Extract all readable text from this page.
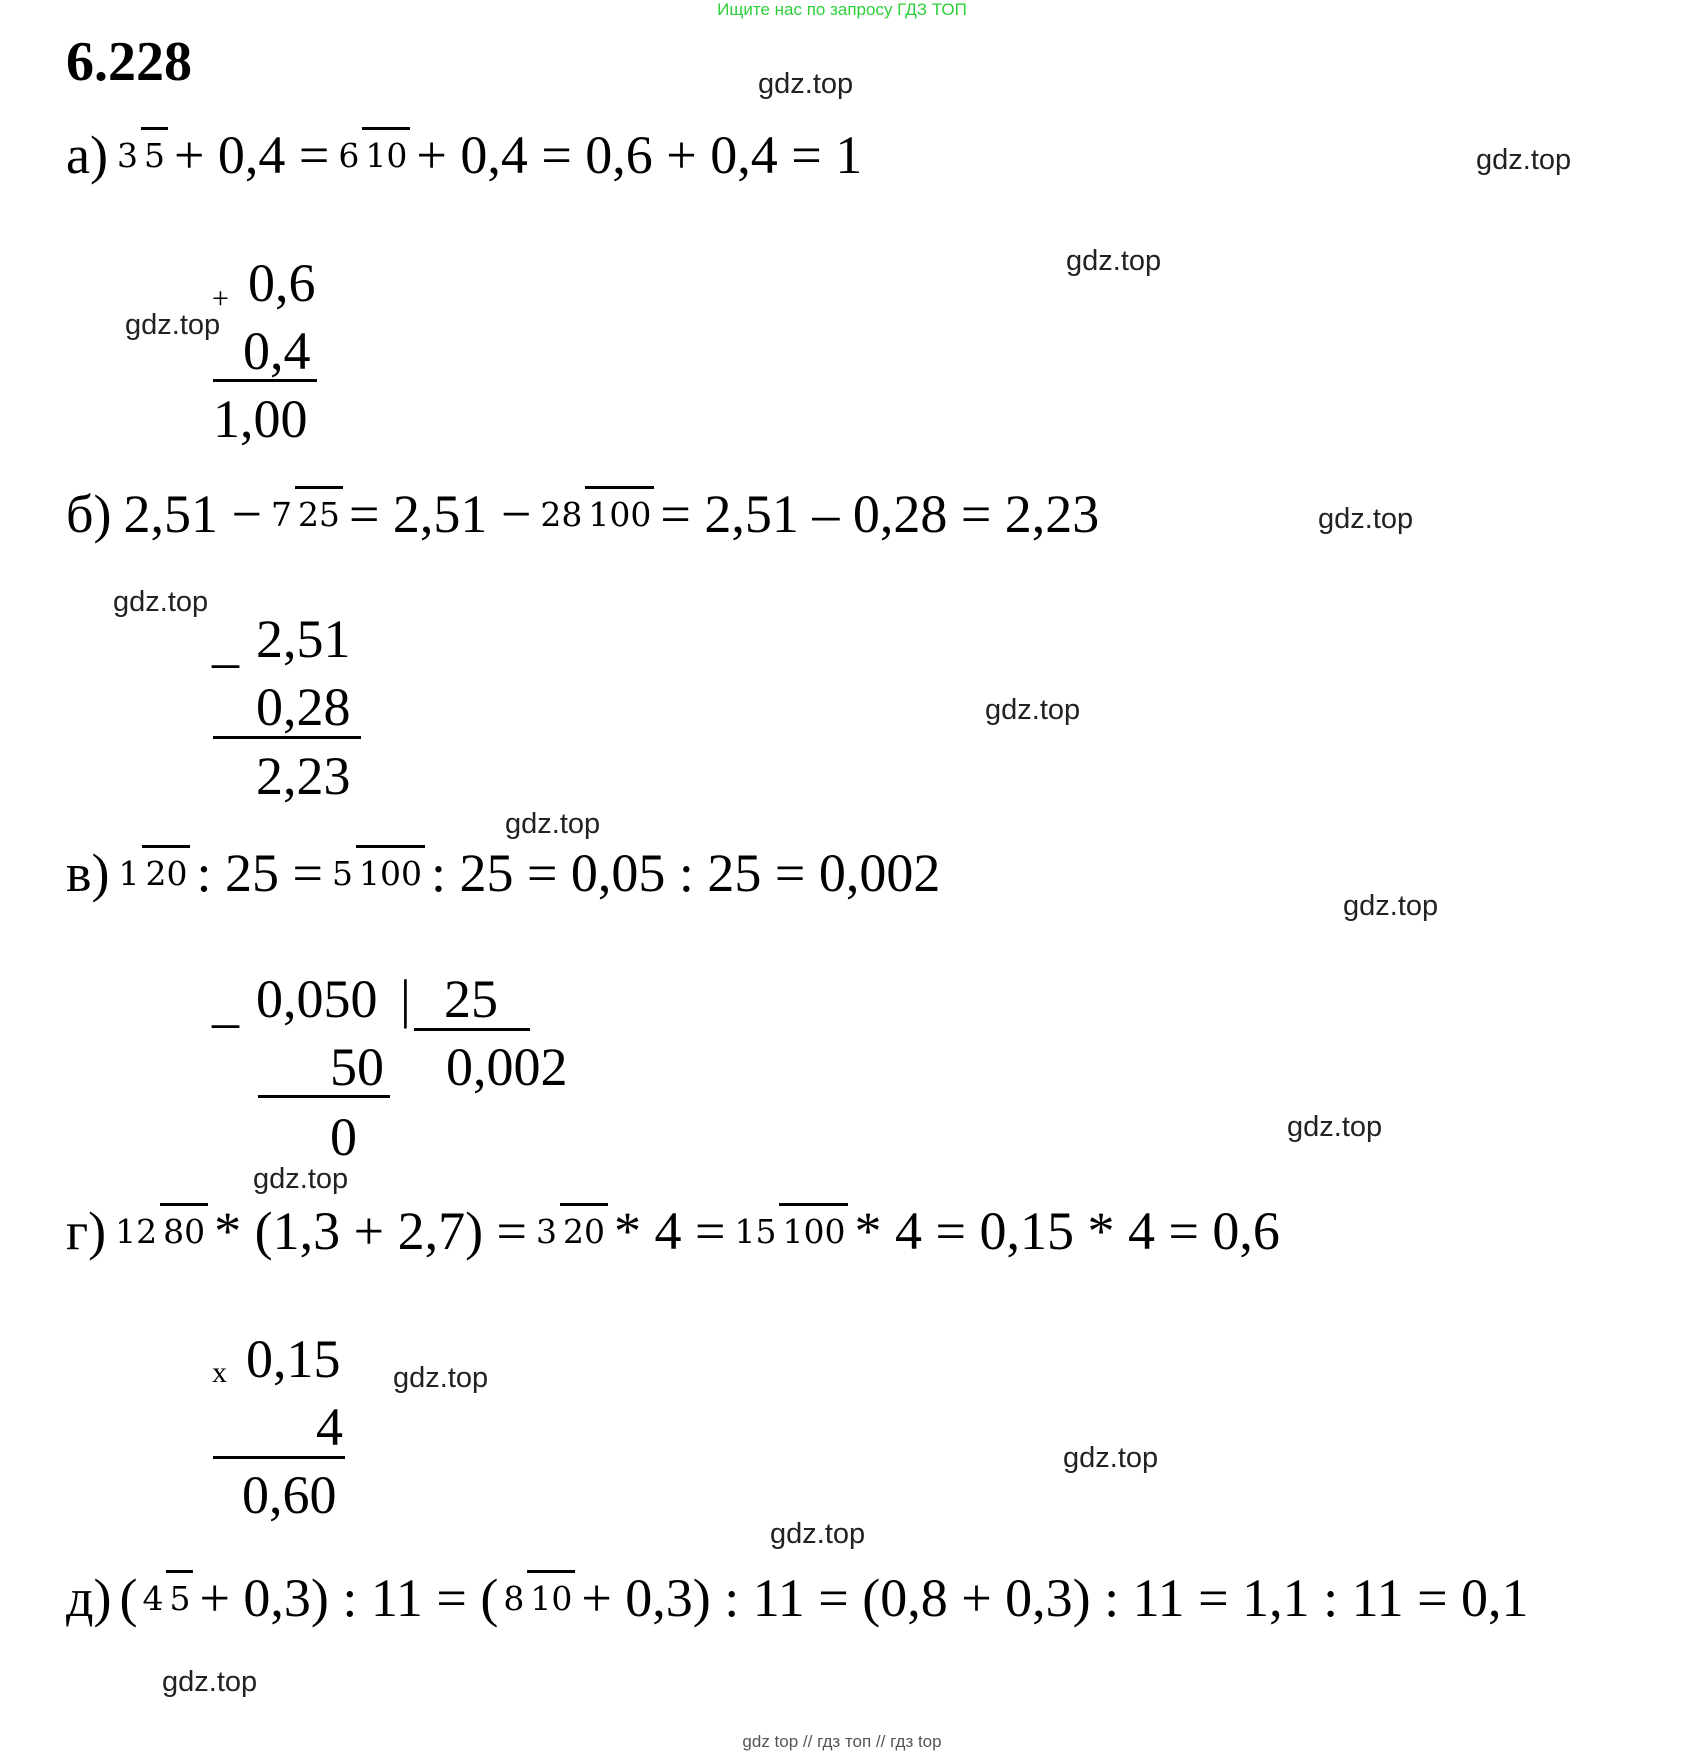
Ищите нас по запросу ГДЗ ТОП
gdz top // гдз топ // гдз top
6.228	gdz.top
gdz.top
gdz.top
gdz.top
gdz.top
gdz.top
gdz.top
gdz.top
gdz.top
gdz.top
gdz.top
gdz.top
gdz.top
gdz.top
gdz.top
а) 3 5 + 0,4 = 6 10 + 0,4 = 0,6 + 0,4 = 1
+ 0,6
0,4
1,00
б) 2,51 − 7 25 = 2,51 − 28 100 = 2,51 – 0,28 = 2,23
_ 2,51
0,28
2,23
в) 1 20 : 25 = 5 100 : 25 = 0,05 : 25 = 0,002
_ 0,050 | 25
50 0,002
0
г) 12 80 * (1,3 + 2,7) = 3 20 * 4 = 15 100 * 4 = 0,15 * 4 = 0,6
x 0,15
4
0,60
д) ( 4 5 + 0,3) : 11 = ( 8 10 + 0,3) : 11 = (0,8 + 0,3) : 11 = 1,1 : 11 = 0,1
